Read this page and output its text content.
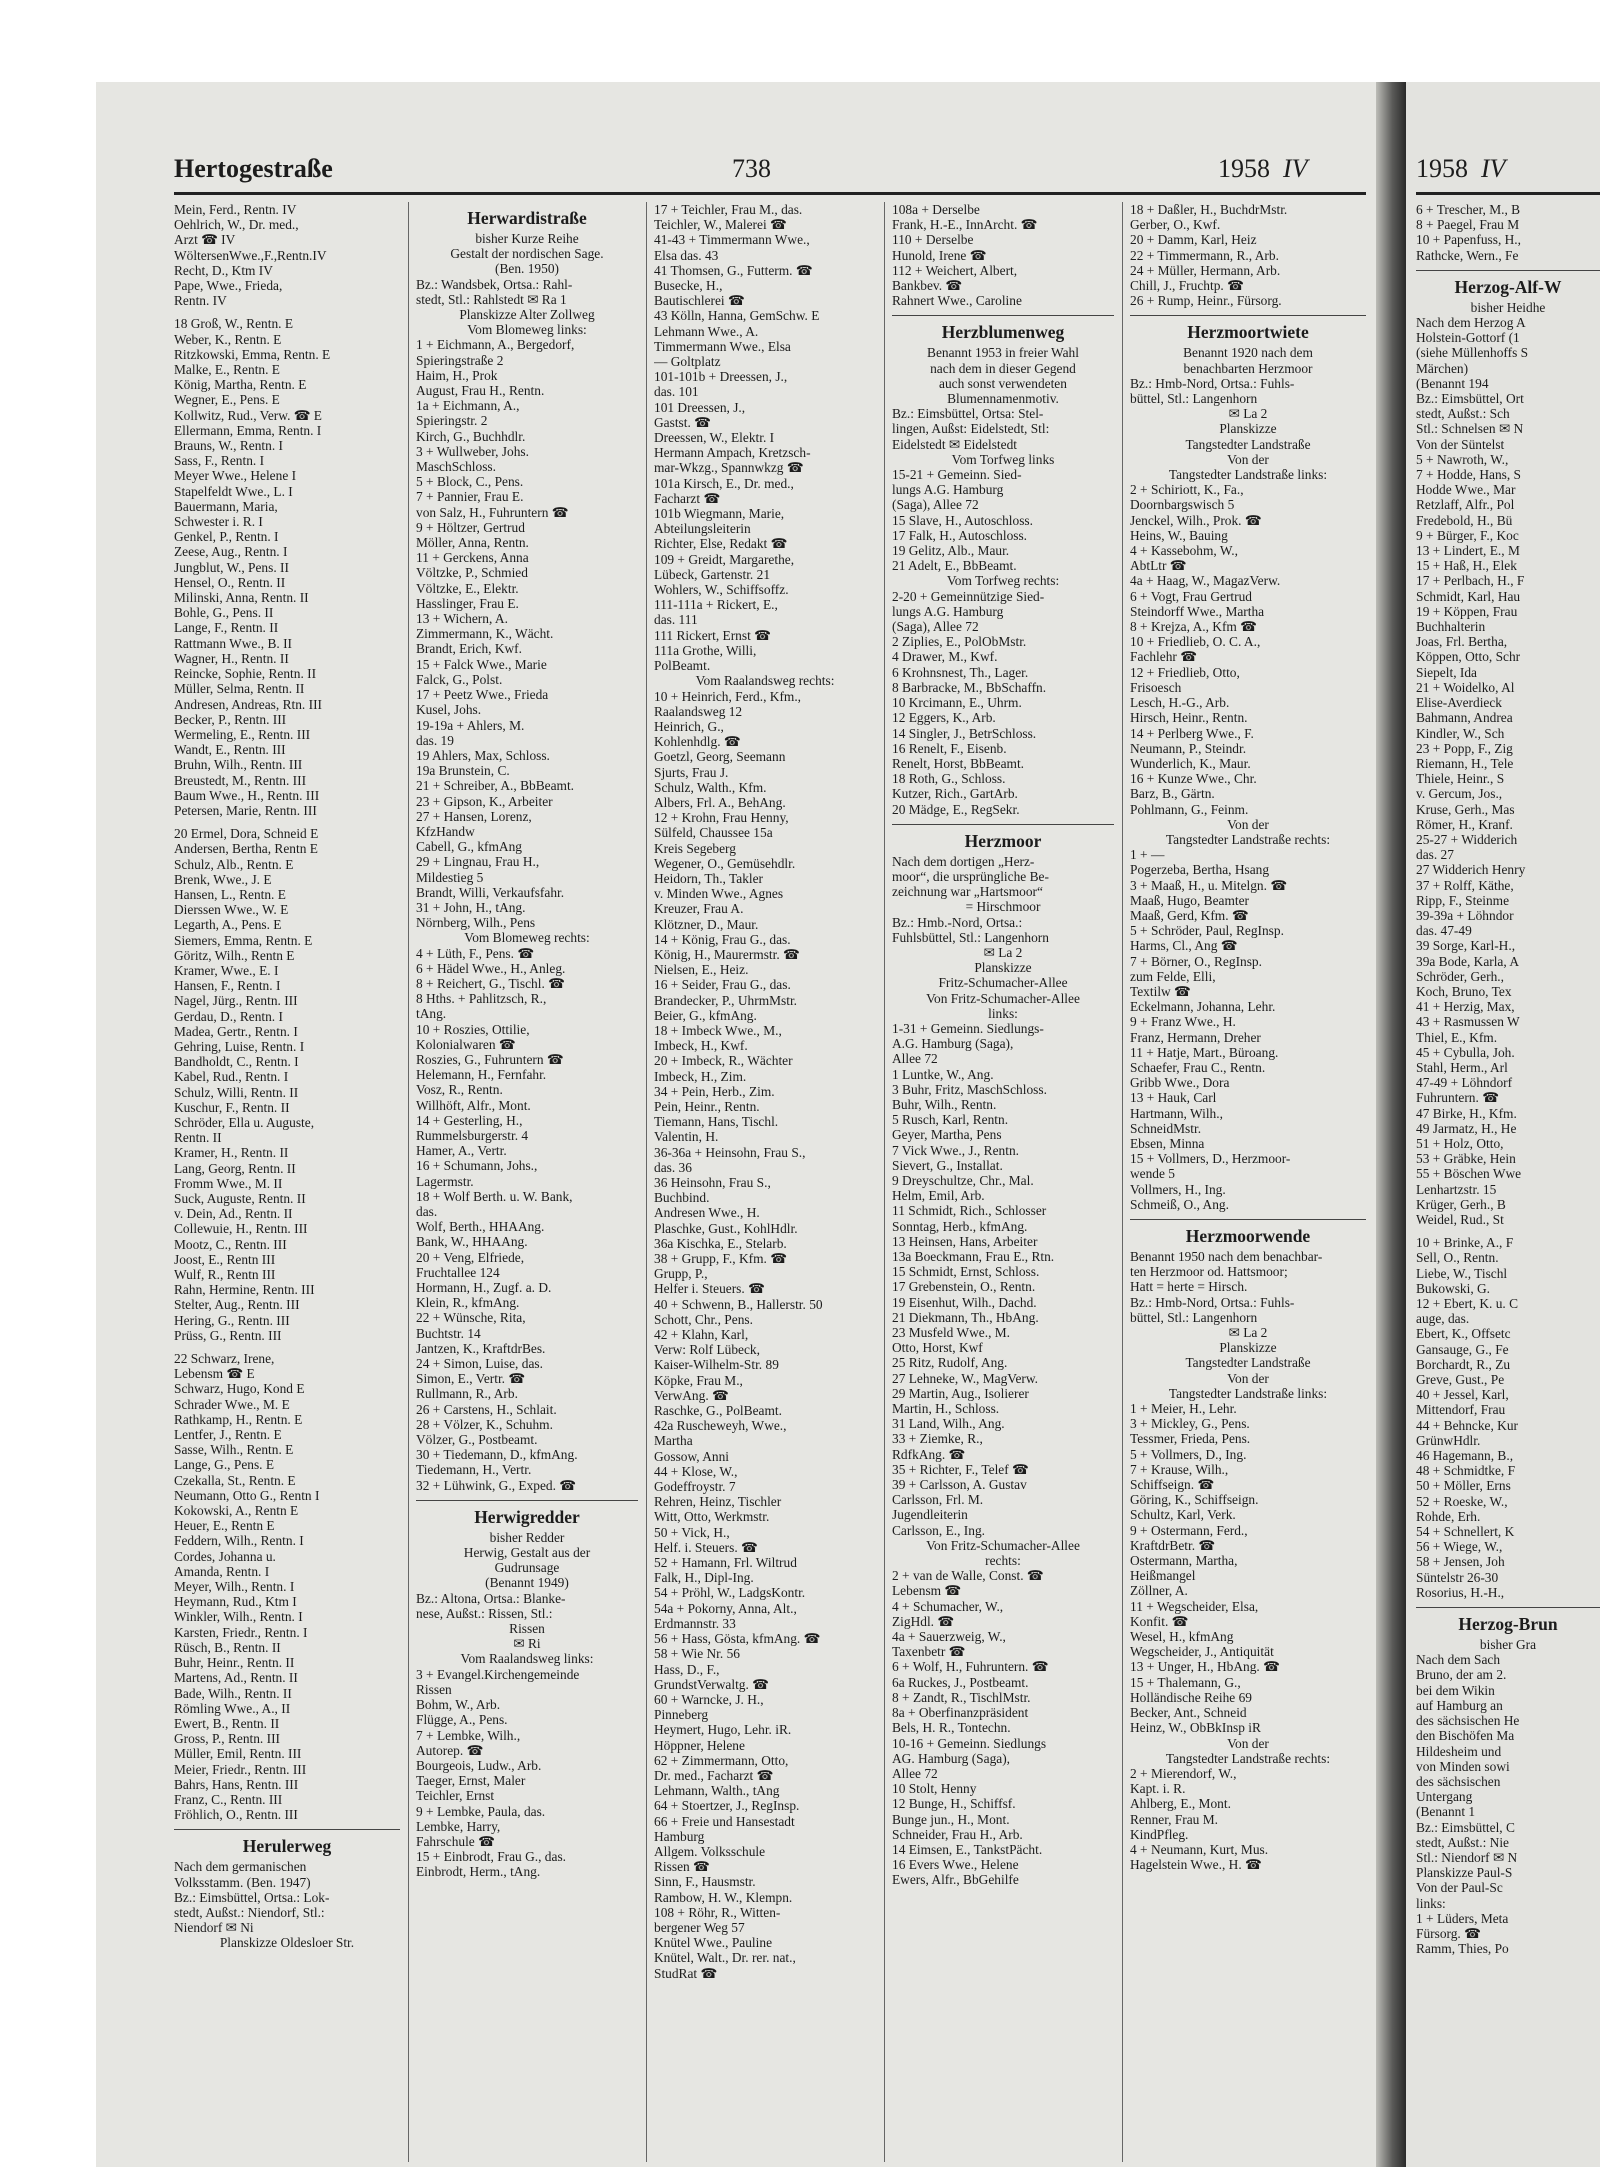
Hertogestraße	738	1958 IV
Mein, Ferd., Rentn. IV
Oehlrich, W., Dr. med.,
Arzt ☎ IV
WöltersenWwe.,F.,Rentn.IV
Recht, D., Ktm IV
Pape, Wwe., Frieda,
Rentn. IV
18 Groß, W., Rentn. E
Weber, K., Rentn. E
Ritzkowski, Emma, Rentn. E
Malke, E., Rentn. E
König, Martha, Rentn. E
Wegner, E., Pens. E
Kollwitz, Rud., Verw. ☎ E
Ellermann, Emma, Rentn. I
Brauns, W., Rentn. I
Sass, F., Rentn. I
Meyer Wwe., Helene I
Stapelfeldt Wwe., L. I
Bauermann, Maria,
Schwester i. R. I
Genkel, P., Rentn. I
Zeese, Aug., Rentn. I
Jungblut, W., Pens. II
Hensel, O., Rentn. II
Milinski, Anna, Rentn. II
Bohle, G., Pens. II
Lange, F., Rentn. II
Rattmann Wwe., B. II
Wagner, H., Rentn. II
Reincke, Sophie, Rentn. II
Müller, Selma, Rentn. II
Andresen, Andreas, Rtn. III
Becker, P., Rentn. III
Wermeling, E., Rentn. III
Wandt, E., Rentn. III
Bruhn, Wilh., Rentn. III
Breustedt, M., Rentn. III
Baum Wwe., H., Rentn. III
Petersen, Marie, Rentn. III
20 Ermel, Dora, Schneid E
Andersen, Bertha, Rentn E
Schulz, Alb., Rentn. E
Brenk, Wwe., J. E
Hansen, L., Rentn. E
Dierssen Wwe., W. E
Legarth, A., Pens. E
Siemers, Emma, Rentn. E
Göritz, Wilh., Rentn E
Kramer, Wwe., E. I
Hansen, F., Rentn. I
Nagel, Jürg., Rentn. III
Gerdau, D., Rentn. I
Madea, Gertr., Rentn. I
Gehring, Luise, Rentn. I
Bandholdt, C., Rentn. I
Kabel, Rud., Rentn. I
Schulz, Willi, Rentn. II
Kuschur, F., Rentn. II
Schröder, Ella u. Auguste,
Rentn. II
Kramer, H., Rentn. II
Lang, Georg, Rentn. II
Fromm Wwe., M. II
Suck, Auguste, Rentn. II
v. Dein, Ad., Rentn. II
Collewuie, H., Rentn. III
Mootz, C., Rentn. III
Joost, E., Rentn III
Wulf, R., Rentn III
Rahn, Hermine, Rentn. III
Stelter, Aug., Rentn. III
Hering, G., Rentn. III
Prüss, G., Rentn. III
22 Schwarz, Irene,
Lebensm ☎ E
Schwarz, Hugo, Kond E
Schrader Wwe., M. E
Rathkamp, H., Rentn. E
Lentfer, J., Rentn. E
Sasse, Wilh., Rentn. E
Lange, G., Pens. E
Czekalla, St., Rentn. E
Neumann, Otto G., Rentn I
Kokowski, A., Rentn E
Heuer, E., Rentn E
Feddern, Wilh., Rentn. I
Cordes, Johanna u.
Amanda, Rentn. I
Meyer, Wilh., Rentn. I
Heymann, Rud., Ktm I
Winkler, Wilh., Rentn. I
Karsten, Friedr., Rentn. I
Rüsch, B., Rentn. II
Buhr, Heinr., Rentn. II
Martens, Ad., Rentn. II
Bade, Wilh., Rentn. II
Römling Wwe., A., II
Ewert, B., Rentn. II
Gross, P., Rentn. III
Müller, Emil, Rentn. III
Meier, Friedr., Rentn. III
Bahrs, Hans, Rentn. III
Franz, C., Rentn. III
Fröhlich, O., Rentn. III
Herulerweg
Nach dem germanischen
Volksstamm. (Ben. 1947)
Bz.: Eimsbüttel, Ortsa.: Lok-
stedt, Außst.: Niendorf, Stl.:
Niendorf ✉ Ni
Planskizze Oldesloer Str.
Herwardistraße
bisher Kurze Reihe
Gestalt der nordischen Sage.
(Ben. 1950)
Bz.: Wandsbek, Ortsa.: Rahl-
stedt, Stl.: Rahlstedt ✉ Ra 1
Planskizze Alter Zollweg
Vom Blomeweg links:
1 + Eichmann, A., Bergedorf,
Spieringstraße 2
Haim, H., Prok
August, Frau H., Rentn.
1a + Eichmann, A.,
Spieringstr. 2
Kirch, G., Buchhdlr.
3 + Wullweber, Johs.
MaschSchloss.
5 + Block, C., Pens.
7 + Pannier, Frau E.
von Salz, H., Fuhruntern ☎
9 + Höltzer, Gertrud
Möller, Anna, Rentn.
11 + Gerckens, Anna
Völtzke, P., Schmied
Völtzke, E., Elektr.
Hasslinger, Frau E.
13 + Wichern, A.
Zimmermann, K., Wächt.
Brandt, Erich, Kwf.
15 + Falck Wwe., Marie
Falck, G., Polst.
17 + Peetz Wwe., Frieda
Kusel, Johs.
19-19a + Ahlers, M.
das. 19
19 Ahlers, Max, Schloss.
19a Brunstein, C.
21 + Schreiber, A., BbBeamt.
23 + Gipson, K., Arbeiter
27 + Hansen, Lorenz,
KfzHandw
Cabell, G., kfmAng
29 + Lingnau, Frau H.,
Mildestieg 5
Brandt, Willi, Verkaufsfahr.
31 + John, H., tAng.
Nörnberg, Wilh., Pens
Vom Blomeweg rechts:
4 + Lüth, F., Pens. ☎
6 + Hädel Wwe., H., Anleg.
8 + Reichert, G., Tischl. ☎
8 Hths. + Pahlitzsch, R.,
tAng.
10 + Roszies, Ottilie,
Kolonialwaren ☎
Roszies, G., Fuhruntern ☎
Helemann, H., Fernfahr.
Vosz, R., Rentn.
Willhöft, Alfr., Mont.
14 + Gesterling, H.,
Rummelsburgerstr. 4
Hamer, A., Vertr.
16 + Schumann, Johs.,
Lagermstr.
18 + Wolf Berth. u. W. Bank,
das.
Wolf, Berth., HHAAng.
Bank, W., HHAAng.
20 + Veng, Elfriede,
Fruchtallee 124
Hormann, H., Zugf. a. D.
Klein, R., kfmAng.
22 + Wünsche, Rita,
Buchtstr. 14
Jantzen, K., KraftdrBes.
24 + Simon, Luise, das.
Simon, E., Vertr. ☎
Rullmann, R., Arb.
26 + Carstens, H., Schlait.
28 + Völzer, K., Schuhm.
Völzer, G., Postbeamt.
30 + Tiedemann, D., kfmAng.
Tiedemann, H., Vertr.
32 + Lühwink, G., Exped. ☎
Herwigredder
bisher Redder
Herwig, Gestalt aus der
Gudrunsage
(Benannt 1949)
Bz.: Altona, Ortsa.: Blanke-
nese, Außst.: Rissen, Stl.:
Rissen
✉ Ri
Vom Raalandsweg links:
3 + Evangel.Kirchengemeinde
Rissen
Bohm, W., Arb.
Flügge, A., Pens.
7 + Lembke, Wilh.,
Autorep. ☎
Bourgeois, Ludw., Arb.
Taeger, Ernst, Maler
Teichler, Ernst
9 + Lembke, Paula, das.
Lembke, Harry,
Fahrschule ☎
15 + Einbrodt, Frau G., das.
Einbrodt, Herm., tAng.
17 + Teichler, Frau M., das.
Teichler, W., Malerei ☎
41-43 + Timmermann Wwe.,
Elsa das. 43
41 Thomsen, G., Futterm. ☎
Busecke, H.,
Bautischlerei ☎
43 Kölln, Hanna, GemSchw. E
Lehmann Wwe., A.
Timmermann Wwe., Elsa
— Goltplatz
101-101b + Dreessen, J.,
das. 101
101 Dreessen, J.,
Gastst. ☎
Dreessen, W., Elektr. I
Hermann Ampach, Kretzsch-
mar-Wkzg., Spannwkzg ☎
101a Kirsch, E., Dr. med.,
Facharzt ☎
101b Wiegmann, Marie,
Abteilungsleiterin
Richter, Else, Redakt ☎
109 + Greidt, Margarethe,
Lübeck, Gartenstr. 21
Wohlers, W., Schiffsoffz.
111-111a + Rickert, E.,
das. 111
111 Rickert, Ernst ☎
111a Grothe, Willi,
PolBeamt.
Vom Raalandsweg rechts:
10 + Heinrich, Ferd., Kfm.,
Raalandsweg 12
Heinrich, G.,
Kohlenhdlg. ☎
Goetzl, Georg, Seemann
Sjurts, Frau J.
Schulz, Walth., Kfm.
Albers, Frl. A., BehAng.
12 + Krohn, Frau Henny,
Sülfeld, Chaussee 15a
Kreis Segeberg
Wegener, O., Gemüsehdlr.
Heidorn, Th., Takler
v. Minden Wwe., Agnes
Kreuzer, Frau A.
Klötzner, D., Maur.
14 + König, Frau G., das.
König, H., Maurermstr. ☎
Nielsen, E., Heiz.
16 + Seider, Frau G., das.
Brandecker, P., UhrmMstr.
Beier, G., kfmAng.
18 + Imbeck Wwe., M.,
Imbeck, H., Kwf.
20 + Imbeck, R., Wächter
Imbeck, H., Zim.
34 + Pein, Herb., Zim.
Pein, Heinr., Rentn.
Tiemann, Hans, Tischl.
Valentin, H.
36-36a + Heinsohn, Frau S.,
das. 36
36 Heinsohn, Frau S.,
Buchbind.
Andresen Wwe., H.
Plaschke, Gust., KohlHdlr.
36a Kischka, E., Stelarb.
38 + Grupp, F., Kfm. ☎
Grupp, P.,
Helfer i. Steuers. ☎
40 + Schwenn, B., Hallerstr. 50
Schott, Chr., Pens.
42 + Klahn, Karl,
Verw: Rolf Lübeck,
Kaiser-Wilhelm-Str. 89
Köpke, Frau M.,
VerwAng. ☎
Raschke, G., PolBeamt.
42a Ruscheweyh, Wwe.,
Martha
Gossow, Anni
44 + Klose, W.,
Godeffroystr. 7
Rehren, Heinz, Tischler
Witt, Otto, Werkmstr.
50 + Vick, H.,
Helf. i. Steuers. ☎
52 + Hamann, Frl. Wiltrud
Falk, H., Dipl-Ing.
54 + Pröhl, W., LadgsKontr.
54a + Pokorny, Anna, Alt.,
Erdmannstr. 33
56 + Hass, Gösta, kfmAng. ☎
58 + Wie Nr. 56
Hass, D., F.,
GrundstVerwaltg. ☎
60 + Warncke, J. H.,
Pinneberg
Heymert, Hugo, Lehr. iR.
Höppner, Helene
62 + Zimmermann, Otto,
Dr. med., Facharzt ☎
Lehmann, Walth., tAng
64 + Stoertzer, J., RegInsp.
66 + Freie und Hansestadt
Hamburg
Allgem. Volksschule
Rissen ☎
Sinn, F., Hausmstr.
Rambow, H. W., Klempn.
108 + Röhr, R., Witten-
bergener Weg 57
Knütel Wwe., Pauline
Knütel, Walt., Dr. rer. nat.,
StudRat ☎
108a + Derselbe
Frank, H.-E., InnArcht. ☎
110 + Derselbe
Hunold, Irene ☎
112 + Weichert, Albert,
Bankbev. ☎
Rahnert Wwe., Caroline
Herzblumenweg
Benannt 1953 in freier Wahl
nach dem in dieser Gegend
auch sonst verwendeten
Blumennamenmotiv.
Bz.: Eimsbüttel, Ortsa: Stel-
lingen, Außst: Eidelstedt, Stl:
Eidelstedt ✉ Eidelstedt
Vom Torfweg links
15-21 + Gemeinn. Sied-
lungs A.G. Hamburg
(Saga), Allee 72
15 Slave, H., Autoschloss.
17 Falk, H., Autoschloss.
19 Gelitz, Alb., Maur.
21 Adelt, E., BbBeamt.
Vom Torfweg rechts:
2-20 + Gemeinnützige Sied-
lungs A.G. Hamburg
(Saga), Allee 72
2 Ziplies, E., PolObMstr.
4 Drawer, M., Kwf.
6 Krohnsnest, Th., Lager.
8 Barbracke, M., BbSchaffn.
10 Krcimann, E., Uhrm.
12 Eggers, K., Arb.
14 Singler, J., BetrSchloss.
16 Renelt, F., Eisenb.
Renelt, Horst, BbBeamt.
18 Roth, G., Schloss.
Kutzer, Rich., GartArb.
20 Mädge, E., RegSekr.
Herzmoor
Nach dem dortigen „Herz-
moor“, die ursprüngliche Be-
zeichnung war „Hartsmoor“
= Hirschmoor
Bz.: Hmb.-Nord, Ortsa.:
Fuhlsbüttel, Stl.: Langenhorn
✉ La 2
Planskizze
Fritz-Schumacher-Allee
Von Fritz-Schumacher-Allee
links:
1-31 + Gemeinn. Siedlungs-
A.G. Hamburg (Saga),
Allee 72
1 Luntke, W., Ang.
3 Buhr, Fritz, MaschSchloss.
Buhr, Wilh., Rentn.
5 Rusch, Karl, Rentn.
Geyer, Martha, Pens
7 Vick Wwe., J., Rentn.
Sievert, G., Installat.
9 Dreyschultze, Chr., Mal.
Helm, Emil, Arb.
11 Schmidt, Rich., Schlosser
Sonntag, Herb., kfmAng.
13 Heinsen, Hans, Arbeiter
13a Boeckmann, Frau E., Rtn.
15 Schmidt, Ernst, Schloss.
17 Grebenstein, O., Rentn.
19 Eisenhut, Wilh., Dachd.
21 Diekmann, Th., HbAng.
23 Musfeld Wwe., M.
Otto, Horst, Kwf
25 Ritz, Rudolf, Ang.
27 Lehneke, W., MagVerw.
29 Martin, Aug., Isolierer
Martin, H., Schloss.
31 Land, Wilh., Ang.
33 + Ziemke, R.,
RdfkAng. ☎
35 + Richter, F., Telef ☎
39 + Carlsson, A. Gustav
Carlsson, Frl. M.
Jugendleiterin
Carlsson, E., Ing.
Von Fritz-Schumacher-Allee
rechts:
2 + van de Walle, Const. ☎
Lebensm ☎
4 + Schumacher, W.,
ZigHdl. ☎
4a + Sauerzweig, W.,
Taxenbetr ☎
6 + Wolf, H., Fuhruntern. ☎
6a Ruckes, J., Postbeamt.
8 + Zandt, R., TischlMstr.
8a + Oberfinanzpräsident
Bels, H. R., Tontechn.
10-16 + Gemeinn. Siedlungs
AG. Hamburg (Saga),
Allee 72
10 Stolt, Henny
12 Bunge, H., Schiffsf.
Bunge jun., H., Mont.
Schneider, Frau H., Arb.
14 Eimsen, E., TankstPächt.
16 Evers Wwe., Helene
Ewers, Alfr., BbGehilfe
18 + Daßler, H., BuchdrMstr.
Gerber, O., Kwf.
20 + Damm, Karl, Heiz
22 + Timmermann, R., Arb.
24 + Müller, Hermann, Arb.
Chill, J., Fruchtp. ☎
26 + Rump, Heinr., Fürsorg.
Herzmoortwiete
Benannt 1920 nach dem
benachbarten Herzmoor
Bz.: Hmb-Nord, Ortsa.: Fuhls-
büttel, Stl.: Langenhorn
✉ La 2
Planskizze
Tangstedter Landstraße
Von der
Tangstedter Landstraße links:
2 + Schiriott, K., Fa.,
Doornbargswisch 5
Jenckel, Wilh., Prok. ☎
Heins, W., Bauing
4 + Kassebohm, W.,
AbtLtr ☎
4a + Haag, W., MagazVerw.
6 + Vogt, Frau Gertrud
Steindorff Wwe., Martha
8 + Krejza, A., Kfm ☎
10 + Friedlieb, O. C. A.,
Fachlehr ☎
12 + Friedlieb, Otto,
Frisoesch
Lesch, H.-G., Arb.
Hirsch, Heinr., Rentn.
14 + Perlberg Wwe., F.
Neumann, P., Steindr.
Wunderlich, K., Maur.
16 + Kunze Wwe., Chr.
Barz, B., Gärtn.
Pohlmann, G., Feinm.
Von der
Tangstedter Landstraße rechts:
1 + —
Pogerzeba, Bertha, Hsang
3 + Maaß, H., u. Mitelgn. ☎
Maaß, Hugo, Beamter
Maaß, Gerd, Kfm. ☎
5 + Schröder, Paul, RegInsp.
Harms, Cl., Ang ☎
7 + Börner, O., RegInsp.
zum Felde, Elli,
Textilw ☎
Eckelmann, Johanna, Lehr.
9 + Franz Wwe., H.
Franz, Hermann, Dreher
11 + Hatje, Mart., Büroang.
Schaefer, Frau C., Rentn.
Gribb Wwe., Dora
13 + Hauk, Carl
Hartmann, Wilh.,
SchneidMstr.
Ebsen, Minna
15 + Vollmers, D., Herzmoor-
wende 5
Vollmers, H., Ing.
Schmeiß, O., Ang.
Herzmoorwende
Benannt 1950 nach dem benachbar-
ten Herzmoor od. Hattsmoor;
Hatt = herte = Hirsch.
Bz.: Hmb-Nord, Ortsa.: Fuhls-
büttel, Stl.: Langenhorn
✉ La 2
Planskizze
Tangstedter Landstraße
Von der
Tangstedter Landstraße links:
1 + Meier, H., Lehr.
3 + Mickley, G., Pens.
Tessmer, Frieda, Pens.
5 + Vollmers, D., Ing.
7 + Krause, Wilh.,
Schiffseign. ☎
Göring, K., Schiffseign.
Schultz, Karl, Verk.
9 + Ostermann, Ferd.,
KraftdrBetr. ☎
Ostermann, Martha,
Heißmangel
Zöllner, A.
11 + Wegscheider, Elsa,
Konfit. ☎
Wesel, H., kfmAng
Wegscheider, J., Antiquität
13 + Unger, H., HbAng. ☎
15 + Thalemann, G.,
Holländische Reihe 69
Becker, Ant., Schneid
Heinz, W., ObBkInsp iR
Von der
Tangstedter Landstraße rechts:
2 + Mierendorf, W.,
Kapt. i. R.
Ahlberg, E., Mont.
Renner, Frau M.
KindPfleg.
4 + Neumann, Kurt, Mus.
Hagelstein Wwe., H. ☎
1958 IV
6 + Trescher, M., B
8 + Paegel, Frau M
10 + Papenfuss, H.,
Rathcke, Wern., Fe
Herzog-Alf-W
bisher Heidhe
Nach dem Herzog A
Holstein-Gottorf (1
(siehe Müllenhoffs S
Märchen)
(Benannt 194
Bz.: Eimsbüttel, Ort
stedt, Außst.: Sch
Stl.: Schnelsen ✉ N
Von der Süntelst
5 + Nawroth, W.,
7 + Hodde, Hans, S
Hodde Wwe., Mar
Retzlaff, Alfr., Pol
Fredebold, H., Bü
9 + Bürger, F., Koc
13 + Lindert, E., M
15 + Haß, H., Elek
17 + Perlbach, H., F
Schmidt, Karl, Hau
19 + Köppen, Frau
Buchhalterin
Joas, Frl. Bertha,
Köppen, Otto, Schr
Siepelt, Ida
21 + Woidelko, Al
Elise-Averdieck
Bahmann, Andrea
Kindler, W., Sch
23 + Popp, F., Zig
Riemann, H., Tele
Thiele, Heinr., S
v. Gercum, Jos.,
Kruse, Gerh., Mas
Römer, H., Kranf.
25-27 + Widderich
das. 27
27 Widderich Henry
37 + Rolff, Käthe,
Ripp, F., Steinme
39-39a + Löhndor
das. 47-49
39 Sorge, Karl-H.,
39a Bode, Karla, A
Schröder, Gerh.,
Koch, Bruno, Tex
41 + Herzig, Max,
43 + Rasmussen W
Thiel, E., Kfm.
45 + Cybulla, Joh.
Stahl, Herm., Arl
47-49 + Löhndorf
Fuhruntern. ☎
47 Birke, H., Kfm.
49 Jarmatz, H., He
51 + Holz, Otto,
53 + Gräbke, Hein
55 + Böschen Wwe
Lenhartzstr. 15
Krüger, Gerh., B
Weidel, Rud., St
10 + Brinke, A., F
Sell, O., Rentn.
Liebe, W., Tischl
Bukowski, G.
12 + Ebert, K. u. C
auge, das.
Ebert, K., Offsetc
Gansauge, G., Fe
Borchardt, R., Zu
Greve, Gust., Pe
40 + Jessel, Karl,
Mittendorf, Frau
44 + Behncke, Kur
GrünwHdlr.
46 Hagemann, B.,
48 + Schmidtke, F
50 + Möller, Erns
52 + Roeske, W.,
Rohde, Erh.
54 + Schnellert, K
56 + Wiege, W.,
58 + Jensen, Joh
Süntelstr 26-30
Rosorius, H.-H.,
Herzog-Brun
bisher Gra
Nach dem Sach
Bruno, der am 2.
bei dem Wikin
auf Hamburg an
des sächsischen He
den Bischöfen Ma
Hildesheim und
von Minden sowi
des sächsischen
Untergang
(Benannt 1
Bz.: Eimsbüttel, C
stedt, Außst.: Nie
Stl.: Niendorf ✉ N
Planskizze Paul-S
Von der Paul-Sc
links:
1 + Lüders, Meta
Fürsorg. ☎
Ramm, Thies, Po
